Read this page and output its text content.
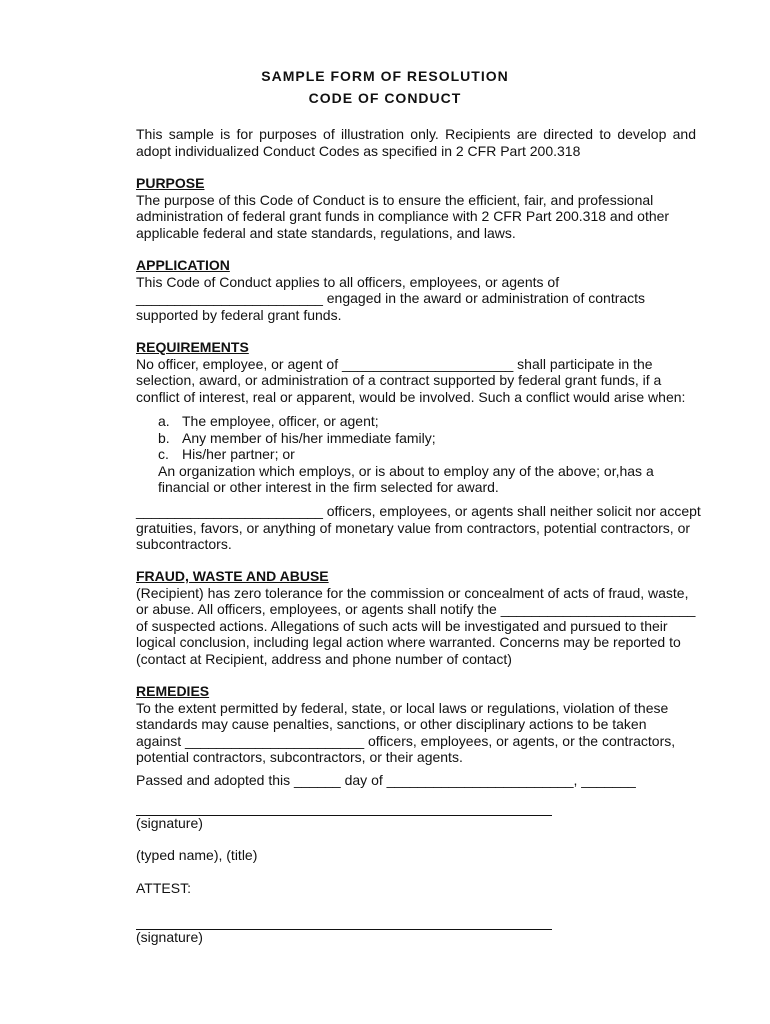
SAMPLE FORM OF RESOLUTION
CODE OF CONDUCT
This sample is for purposes of illustration only. Recipients are directed to develop and
adopt individualized Conduct Codes as specified in 2 CFR Part 200.318
PURPOSE
The purpose of this Code of Conduct is to ensure the efficient, fair, and professional
administration of federal grant funds in compliance with 2 CFR Part 200.318 and other
applicable federal and state standards, regulations, and laws.
APPLICATION
This Code of Conduct applies to all officers, employees, or agents of
________________________ engaged in the award or administration of contracts
supported by federal grant funds.
REQUIREMENTS
No officer, employee, or agent of ______________________ shall participate in the
selection, award, or administration of a contract supported by federal grant funds, if a
conflict of interest, real or apparent, would be involved. Such a conflict would arise when:
a. The employee, officer, or agent;
b. Any member of his/her immediate family;
c. His/her partner; or
An organization which employs, or is about to employ any of the above; or,has a
financial or other interest in the firm selected for award.
________________________ officers, employees, or agents shall neither solicit nor accept
gratuities, favors, or anything of monetary value from contractors, potential contractors, or
subcontractors.
FRAUD, WASTE AND ABUSE
(Recipient) has zero tolerance for the commission or concealment of acts of fraud, waste,
or abuse. All officers, employees, or agents shall notify the _________________________
of suspected actions. Allegations of such acts will be investigated and pursued to their
logical conclusion, including legal action where warranted. Concerns may be reported to
(contact at Recipient, address and phone number of contact)
REMEDIES
To the extent permitted by federal, state, or local laws or regulations, violation of these
standards may cause penalties, sanctions, or other disciplinary actions to be taken
against _______________________ officers, employees, or agents, or the contractors,
potential contractors, subcontractors, or their agents.
Passed and adopted this ______ day of ________________________, _______
(signature)
(typed name), (title)
ATTEST:
(signature)
